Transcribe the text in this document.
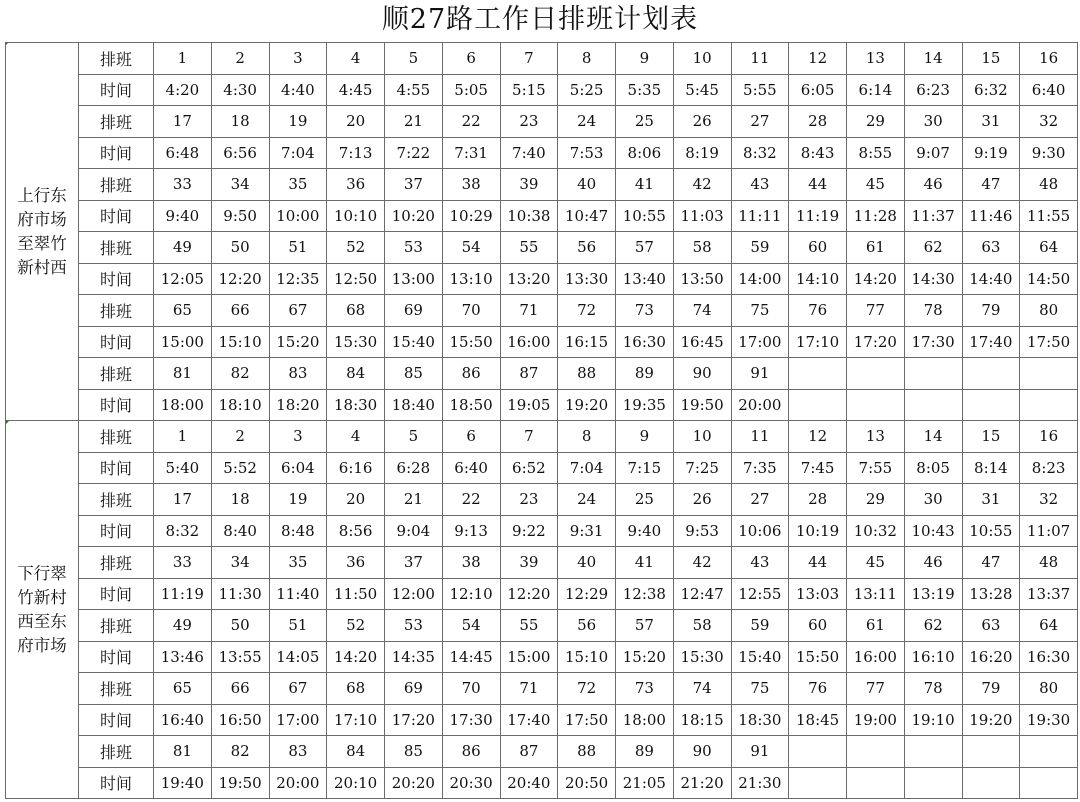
顺27路工作日排班计划表
上行东府市场至翠竹新村西	排班	1	2	3	4	5	6	7	8	9	10	11	12	13	14	15	16
	时间	4:20	4:30	4:40	4:45	4:55	5:05	5:15	5:25	5:35	5:45	5:55	6:05	6:14	6:23	6:32	6:40
	排班	17	18	19	20	21	22	23	24	25	26	27	28	29	30	31	32
	时间	6:48	6:56	7:04	7:13	7:22	7:31	7:40	7:53	8:06	8:19	8:32	8:43	8:55	9:07	9:19	9:30
	排班	33	34	35	36	37	38	39	40	41	42	43	44	45	46	47	48
	时间	9:40	9:50	10:00	10:10	10:20	10:29	10:38	10:47	10:55	11:03	11:11	11:19	11:28	11:37	11:46	11:55
	排班	49	50	51	52	53	54	55	56	57	58	59	60	61	62	63	64
	时间	12:05	12:20	12:35	12:50	13:00	13:10	13:20	13:30	13:40	13:50	14:00	14:10	14:20	14:30	14:40	14:50
	排班	65	66	67	68	69	70	71	72	73	74	75	76	77	78	79	80
	时间	15:00	15:10	15:20	15:30	15:40	15:50	16:00	16:15	16:30	16:45	17:00	17:10	17:20	17:30	17:40	17:50
	排班	81	82	83	84	85	86	87	88	89	90	91					
	时间	18:00	18:10	18:20	18:30	18:40	18:50	19:05	19:20	19:35	19:50	20:00					
下行翠竹新村西至东府市场	排班	1	2	3	4	5	6	7	8	9	10	11	12	13	14	15	16
	时间	5:40	5:52	6:04	6:16	6:28	6:40	6:52	7:04	7:15	7:25	7:35	7:45	7:55	8:05	8:14	8:23
	排班	17	18	19	20	21	22	23	24	25	26	27	28	29	30	31	32
	时间	8:32	8:40	8:48	8:56	9:04	9:13	9:22	9:31	9:40	9:53	10:06	10:19	10:32	10:43	10:55	11:07
	排班	33	34	35	36	37	38	39	40	41	42	43	44	45	46	47	48
	时间	11:19	11:30	11:40	11:50	12:00	12:10	12:20	12:29	12:38	12:47	12:55	13:03	13:11	13:19	13:28	13:37
	排班	49	50	51	52	53	54	55	56	57	58	59	60	61	62	63	64
	时间	13:46	13:55	14:05	14:20	14:35	14:45	15:00	15:10	15:20	15:30	15:40	15:50	16:00	16:10	16:20	16:30
	排班	65	66	67	68	69	70	71	72	73	74	75	76	77	78	79	80
	时间	16:40	16:50	17:00	17:10	17:20	17:30	17:40	17:50	18:00	18:15	18:30	18:45	19:00	19:10	19:20	19:30
	排班	81	82	83	84	85	86	87	88	89	90	91					
	时间	19:40	19:50	20:00	20:10	20:20	20:30	20:40	20:50	21:05	21:20	21:30					
